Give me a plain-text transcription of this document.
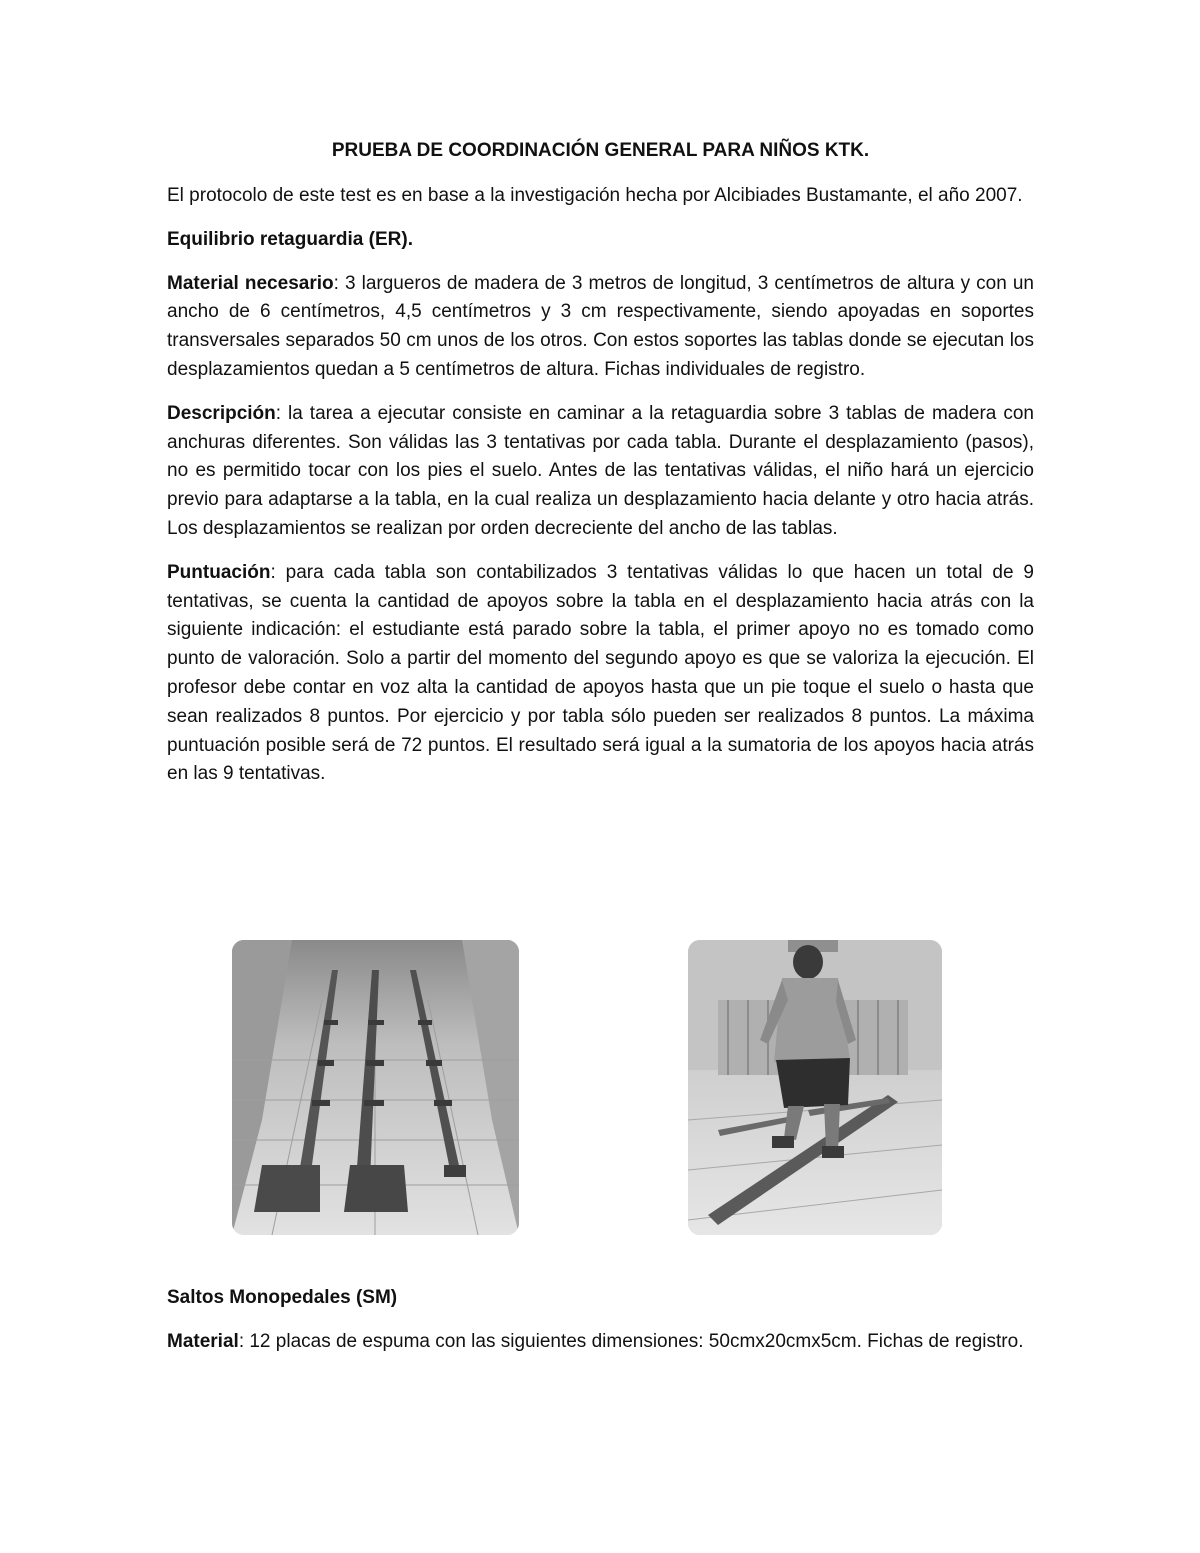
PRUEBA DE COORDINACIÓN GENERAL PARA NIÑOS KTK.

El protocolo de este test es en base a la investigación hecha por Alcibiades Bustamante, el año 2007.

Equilibrio retaguardia (ER).

Material necesario: 3 largueros de madera de 3 metros de longitud, 3 centímetros de altura y con un ancho de 6 centímetros, 4,5 centímetros y 3 cm respectivamente, siendo apoyadas en soportes transversales separados 50 cm unos de los otros. Con estos soportes las tablas donde se ejecutan los desplazamientos quedan a 5 centímetros de altura. Fichas individuales de registro.

Descripción: la tarea a ejecutar consiste en caminar a la retaguardia sobre 3 tablas de madera con anchuras diferentes. Son válidas las 3 tentativas por cada tabla. Durante el desplazamiento (pasos), no es permitido tocar con los pies el suelo. Antes de las tentativas válidas, el niño hará un ejercicio previo para adaptarse a la tabla, en la cual realiza un desplazamiento hacia delante y otro hacia atrás. Los desplazamientos se realizan por orden decreciente del ancho de las tablas.

Puntuación: para cada tabla son contabilizados 3 tentativas válidas lo que hacen un total de 9 tentativas, se cuenta la cantidad de apoyos sobre la tabla en el desplazamiento hacia atrás con la siguiente indicación: el estudiante está parado sobre la tabla, el primer apoyo no es tomado como punto de valoración. Solo a partir del momento del segundo apoyo es que se valoriza la ejecución. El profesor debe contar en voz alta la cantidad de apoyos hasta que un pie toque el suelo o hasta que sean realizados 8 puntos. Por ejercicio y por tabla sólo pueden ser realizados 8 puntos. La máxima puntuación posible será de 72 puntos. El resultado será igual a la sumatoria de los apoyos hacia atrás en las 9 tentativas.

Saltos Monopedales (SM)

Material: 12 placas de espuma con las siguientes dimensiones: 50cmx20cmx5cm. Fichas de registro.
